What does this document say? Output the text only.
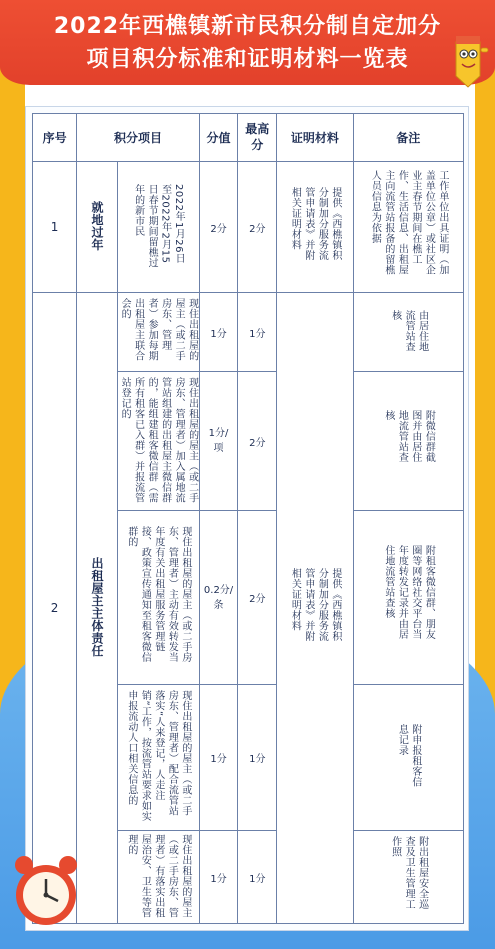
2022年西樵镇新市民积分制自定加分
项目积分标准和证明材料一览表
序号	积分项目		分值	最高分	证明材料	备注
1	就地过年	2022年1月26日至2022年2月15日春节期间留樵过年的新市民	2分	2分	提供《西樵镇积分制加分服务流管申请表》并附相关证明材料	工作单位出具证明（加盖单位公章）或社区企业主春节期间在樵工作、生活信息、出租屋主向流管站报备的留樵人员信息为依据
2	出租屋主主体责任	现住出租屋的屋主（或二手房东、管理者）参加每期出租屋主联合会的	1分	1分	提供《西樵镇积分制加分服务流管申请表》并附相关证明材料	由居住地流管站查核
		现住出租屋的屋主（或二手房东、管理者）加入属地流管站组建的出租屋主微信群的，能组建租客微信群（需所有租客已入群）并报流管站登记的	1分/项	2分		附微信群截图并由居住地流管站查核
		现住出租屋的屋主（或二手房东、管理者）主动有效转发当年度有关出租屋服务管理链接、政策宣传通知至租客微信群的	0.2分/条	2分		附租客微信群、朋友圈等网络社交平台当年度转发记录并由居住地流管站查核
		现住出租屋的屋主（或二手房东、管理者）配合流管站落实“人来登记，人走注销”工作，按流管站要求如实申报流动人口相关信息的	1分	1分		附申报租客信息记录
		现住出租屋的屋主（或二手房东、管理者）有落实出租屋治安、卫生等管理的	1分	1分		附出租屋安全巡查及卫生管理工作照
